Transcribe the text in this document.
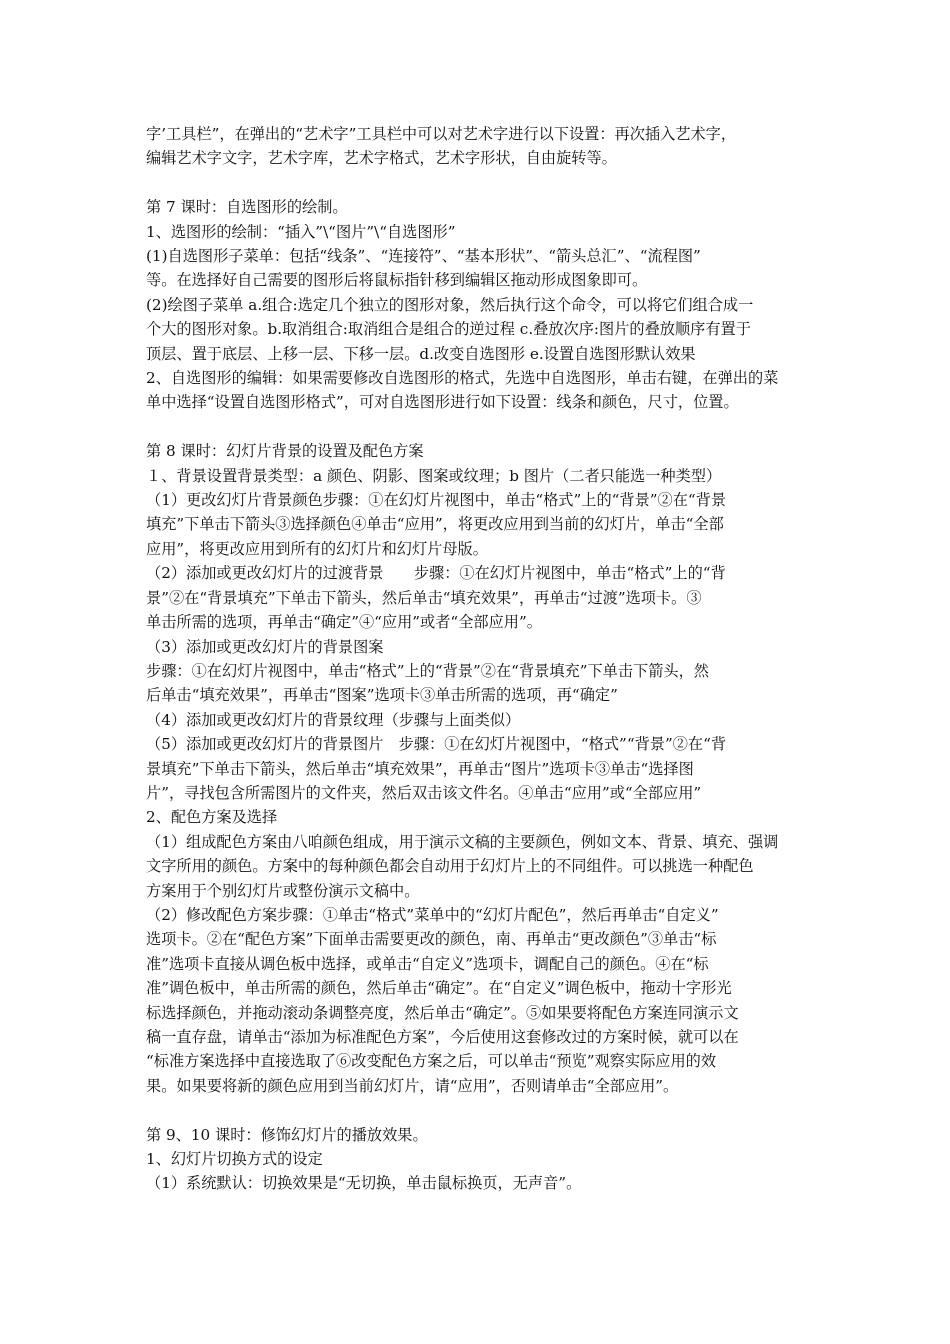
字’工具栏”，在弹出的“艺术字”工具栏中可以对艺术字进行以下设置：再次插入艺术字，

编辑艺术字文字，艺术字库，艺术字格式，艺术字形状，自由旋转等。

第 7 课时：自选图形的绘制。

1、选图形的绘制：“插入”\“图片”\“自选图形”

(1)自选图形子菜单：包括“线条”、“连接符”、“基本形状”、“箭头总汇”、“流程图”

等。在选择好自己需要的图形后将鼠标指针移到编辑区拖动形成图象即可。

(2)绘图子菜单 a.组合:选定几个独立的图形对象，然后执行这个命令，可以将它们组合成一

个大的图形对象。b.取消组合:取消组合是组合的逆过程 c.叠放次序:图片的叠放顺序有置于

顶层、置于底层、上移一层、下移一层。d.改变自选图形 e.设置自选图形默认效果

2、自选图形的编辑：如果需要修改自选图形的格式，先选中自选图形，单击右键，在弹出的菜

单中选择“设置自选图形格式”，可对自选图形进行如下设置：线条和颜色，尺寸，位置。

第 8 课时：幻灯片背景的设置及配色方案

１、背景设置背景类型：a 颜色、阴影、图案或纹理；b 图片（二者只能选一种类型）

（1）更改幻灯片背景颜色步骤：①在幻灯片视图中，单击“格式”上的“背景”②在“背景

填充”下单击下箭头③选择颜色④单击“应用”，将更改应用到当前的幻灯片，单击“全部

应用”，将更改应用到所有的幻灯片和幻灯片母版。

（2）添加或更改幻灯片的过渡背景　　步骤：①在幻灯片视图中，单击“格式”上的“背

景”②在“背景填充”下单击下箭头，然后单击“填充效果”，再单击“过渡”选项卡。③

单击所需的选项，再单击“确定”④“应用”或者“全部应用”。

（3）添加或更改幻灯片的背景图案

步骤：①在幻灯片视图中，单击“格式”上的“背景”②在“背景填充”下单击下箭头，然

后单击“填充效果”，再单击“图案”选项卡③单击所需的选项，再“确定”

（4）添加或更改幻灯片的背景纹理（步骤与上面类似）

（5）添加或更改幻灯片的背景图片　步骤：①在幻灯片视图中，“格式”“背景”②在“背

景填充”下单击下箭头，然后单击“填充效果”，再单击“图片”选项卡③单击“选择图

片”，寻找包含所需图片的文件夹，然后双击该文件名。④单击“应用”或“全部应用”

2、配色方案及选择

（1）组成配色方案由八咱颜色组成，用于演示文稿的主要颜色，例如文本、背景、填充、强调

文字所用的颜色。方案中的每种颜色都会自动用于幻灯片上的不同组件。可以挑选一种配色

方案用于个别幻灯片或整份演示文稿中。

（2）修改配色方案步骤：①单击“格式”菜单中的“幻灯片配色”，然后再单击“自定义”

选项卡。②在“配色方案”下面单击需要更改的颜色，南、再单击“更改颜色”③单击“标

准”选项卡直接从调色板中选择，或单击“自定义”选项卡，调配自己的颜色。④在“标

准”调色板中，单击所需的颜色，然后单击“确定”。在“自定义”调色板中，拖动十字形光

标选择颜色，并拖动滚动条调整亮度，然后单击“确定”。⑤如果要将配色方案连同演示文

稿一直存盘，请单击“添加为标准配色方案”，今后使用这套修改过的方案时候，就可以在

“标准方案选择中直接选取了⑥改变配色方案之后，可以单击“预览”观察实际应用的效

果。如果要将新的颜色应用到当前幻灯片，请“应用”，否则请单击“全部应用”。

第 9、10 课时：修饰幻灯片的播放效果。

1、幻灯片切换方式的设定

（1）系统默认：切换效果是“无切换，单击鼠标换页，无声音”。
